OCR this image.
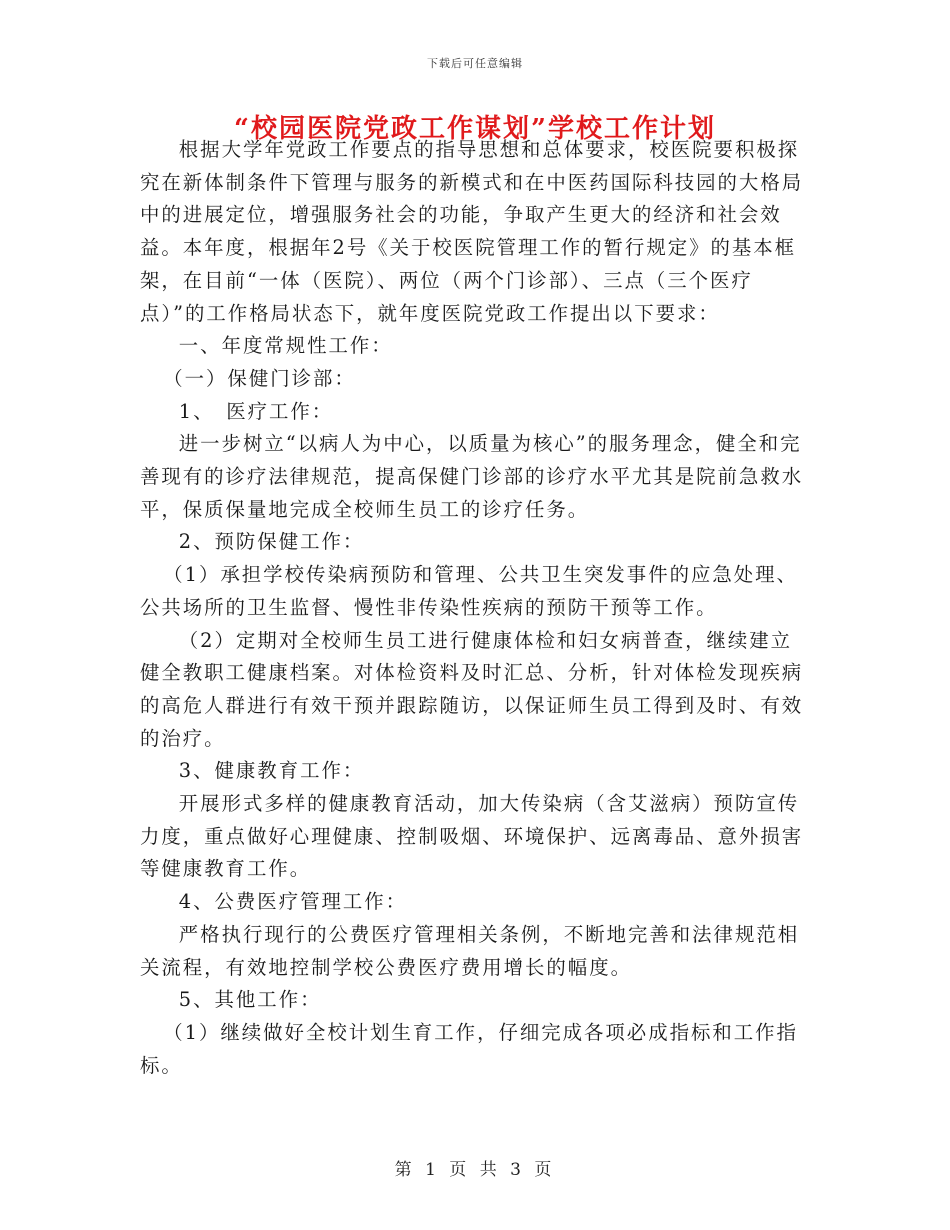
下载后可任意编辑
“校园医院党政工作谋划”学校工作计划

根据大学年党政工作要点的指导思想和总体要求，校医院要积极探究在新体制条件下管理与服务的新模式和在中医药国际科技园的大格局中的进展定位，增强服务社会的功能，争取产生更大的经济和社会效益。本年度，根据年2号《关于校医院管理工作的暂行规定》的基本框架，在目前“一体（医院）、两位（两个门诊部）、三点（三个医疗点）”的工作格局状态下，就年度医院党政工作提出以下要求：

一、年度常规性工作：

（一）保健门诊部：

1、　医疗工作：

进一步树立“以病人为中心，以质量为核心”的服务理念，健全和完善现有的诊疗法律规范，提高保健门诊部的诊疗水平尤其是院前急救水平，保质保量地完成全校师生员工的诊疗任务。

2、预防保健工作：

（1）承担学校传染病预防和管理、公共卫生突发事件的应急处理、公共场所的卫生监督、慢性非传染性疾病的预防干预等工作。

（2）定期对全校师生员工进行健康体检和妇女病普查，继续建立健全教职工健康档案。对体检资料及时汇总、分析，针对体检发现疾病的高危人群进行有效干预并跟踪随访，以保证师生员工得到及时、有效的治疗。

3、健康教育工作：

开展形式多样的健康教育活动，加大传染病（含艾滋病）预防宣传力度，重点做好心理健康、控制吸烟、环境保护、远离毒品、意外损害等健康教育工作。

4、公费医疗管理工作：

严格执行现行的公费医疗管理相关条例，不断地完善和法律规范相关流程，有效地控制学校公费医疗费用增长的幅度。

5、其他工作：

（1）继续做好全校计划生育工作，仔细完成各项必成指标和工作指标。

第 1 页 共 3 页
